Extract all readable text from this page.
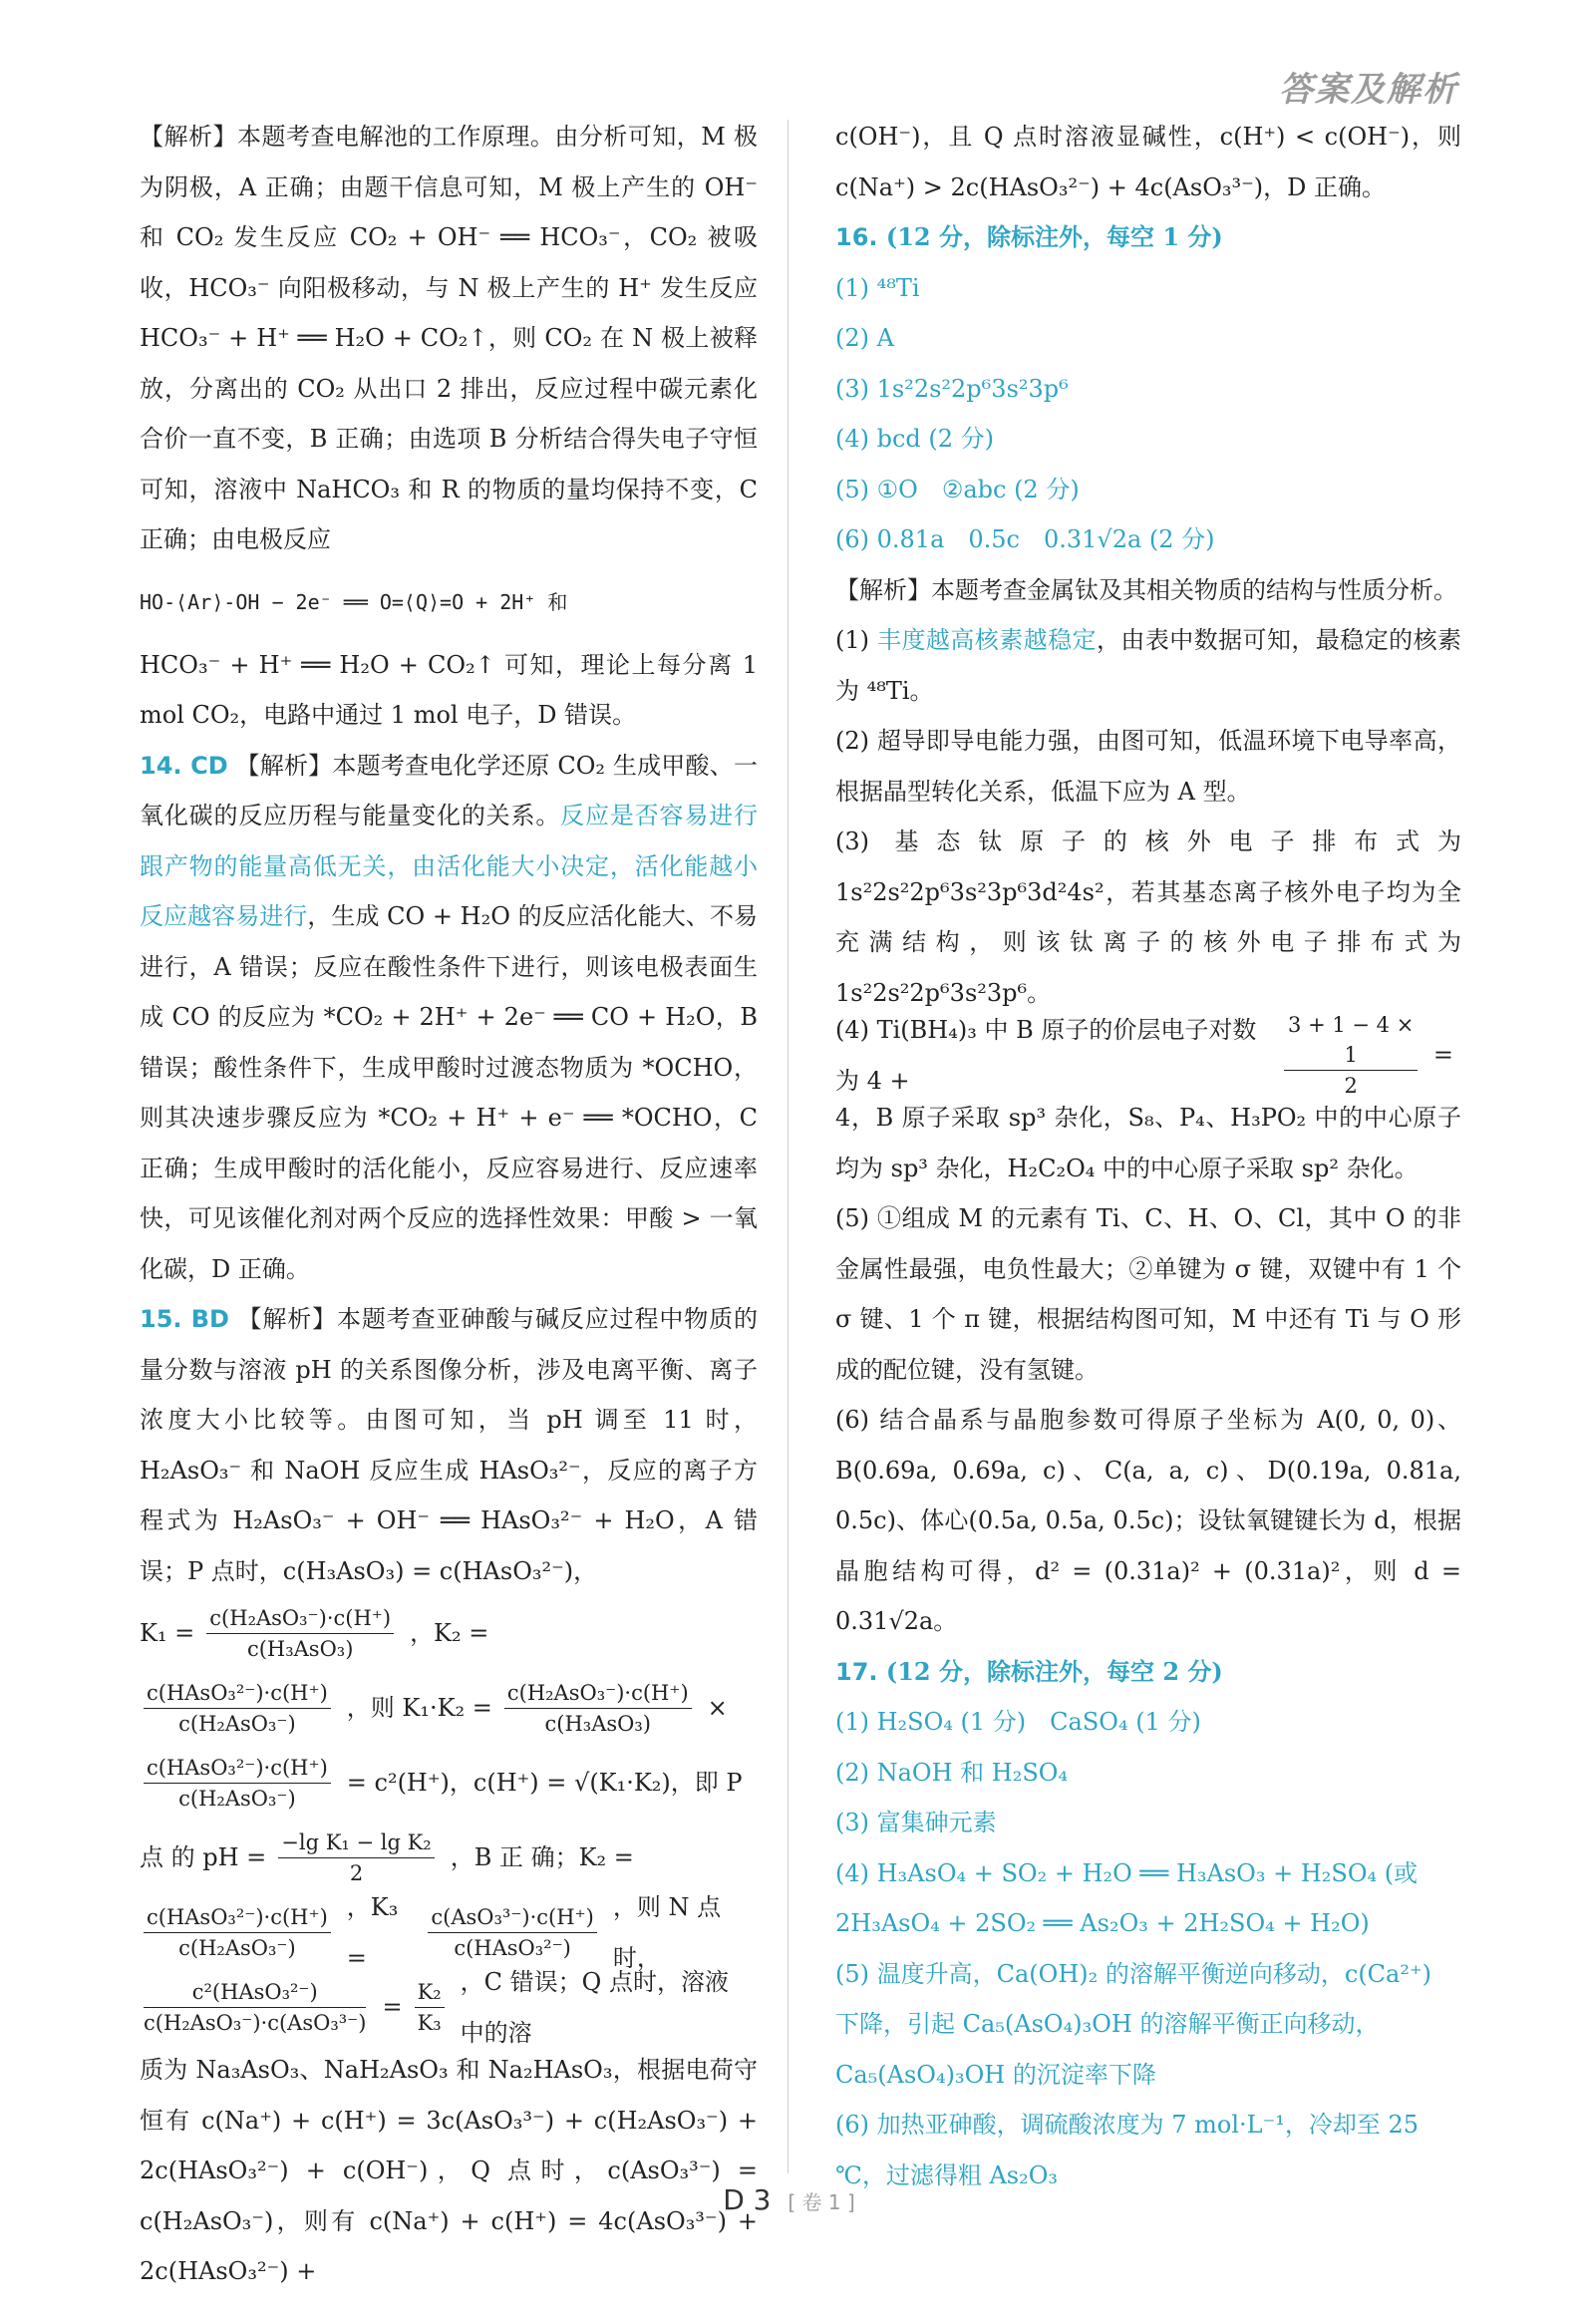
答案及解析

【解析】本题考查电解池的工作原理。由分析可知，M 极为阴极，A 正确；由题干信息可知，M 极上产生的 OH⁻ 和 CO₂ 发生反应 CO₂ + OH⁻ ══ HCO₃⁻，CO₂ 被吸收，HCO₃⁻ 向阳极移动，与 N 极上产生的 H⁺ 发生反应 HCO₃⁻ + H⁺ ══ H₂O + CO₂↑，则 CO₂ 在 N 极上被释放，分离出的 CO₂ 从出口 2 排出，反应过程中碳元素化合价一直不变，B 正确；由选项 B 分析结合得失电子守恒可知，溶液中 NaHCO₃ 和 R 的物质的量均保持不变，C 正确；由电极反应

HO-⟨Ar⟩-OH − 2e⁻ ══ O=⟨Q⟩=O + 2H⁺ 和

HCO₃⁻ + H⁺ ══ H₂O + CO₂↑ 可知，理论上每分离 1 mol CO₂，电路中通过 1 mol 电子，D 错误。

14. CD 【解析】本题考查电化学还原 CO₂ 生成甲酸、一氧化碳的反应历程与能量变化的关系。反应是否容易进行跟产物的能量高低无关，由活化能大小决定，活化能越小反应越容易进行，生成 CO + H₂O 的反应活化能大、不易进行，A 错误；反应在酸性条件下进行，则该电极表面生成 CO 的反应为 *CO₂ + 2H⁺ + 2e⁻ ══ CO + H₂O，B 错误；酸性条件下，生成甲酸时过渡态物质为 *OCHO，则其决速步骤反应为 *CO₂ + H⁺ + e⁻ ══ *OCHO，C 正确；生成甲酸时的活化能小，反应容易进行、反应速率快，可见该催化剂对两个反应的选择性效果：甲酸 > 一氧化碳，D 正确。

15. BD 【解析】本题考查亚砷酸与碱反应过程中物质的量分数与溶液 pH 的关系图像分析，涉及电离平衡、离子浓度大小比较等。由图可知，当 pH 调至 11 时，H₂AsO₃⁻ 和 NaOH 反应生成 HAsO₃²⁻，反应的离子方程式为 H₂AsO₃⁻ + OH⁻ ══ HAsO₃²⁻ + H₂O，A 错误；P 点时，c(H₃AsO₃) = c(HAsO₃²⁻)，

$K_1 = \frac{\text{c(H₂AsO₃⁻)·c(H⁺)}}{\text{c(H₃AsO₃)}}$ ，K₂ =
$\frac{\text{c(HAsO₃²⁻)·c(H⁺)}}{\text{c(H₂AsO₃⁻)}}$ ，则 $K_1\cdot K_2 = \frac{\text{c(H₂AsO₃⁻)·c(H⁺)}}{\text{c(H₃AsO₃)}}$ ×
$\frac{\text{c(HAsO₃²⁻)·c(H⁺)}}{\text{c(H₂AsO₃⁻)}} = c^2(H^+)$，c(H⁺) = √(K₁·K₂)，即 P
点 的 pH = $\frac{\text{−lg K₁ − lg K₂}}{2}$ ，B 正 确；K₂ =
$\frac{\text{c(HAsO₃²⁻)·c(H⁺)}}{\text{c(H₂AsO₃⁻)}}$ ，K₃ =	$\frac{\text{c(AsO₃³⁻)·c(H⁺)}}{\text{c(HAsO₃²⁻)}}$ ，则 N 点时，
$\frac{\text{c²(HAsO₃²⁻)}}{\text{c(H₂AsO₃⁻)·c(AsO₃³⁻)}} = \frac{\text{K₂}}{\text{K₃}}$ ，C 错误；Q 点时，溶液中的溶

质为 Na₃AsO₃、NaH₂AsO₃ 和 Na₂HAsO₃，根据电荷守恒有 c(Na⁺) + c(H⁺) = 3c(AsO₃³⁻) + c(H₂AsO₃⁻) + 2c(HAsO₃²⁻) + c(OH⁻)，Q 点时，c(AsO₃³⁻) = c(H₂AsO₃⁻)，则有 c(Na⁺) + c(H⁺) = 4c(AsO₃³⁻) + 2c(HAsO₃²⁻) +

c(OH⁻)，且 Q 点时溶液显碱性，c(H⁺) < c(OH⁻)，则 c(Na⁺) > 2c(HAsO₃²⁻) + 4c(AsO₃³⁻)，D 正确。

16. (12 分，除标注外，每空 1 分)

(1) ⁴⁸Ti

(2) A

(3) 1s²2s²2p⁶3s²3p⁶

(4) bcd (2 分)

(5) ①O　②abc (2 分)

(6) 0.81a　0.5c　0.31√2a (2 分)

【解析】本题考查金属钛及其相关物质的结构与性质分析。

(1) 丰度越高核素越稳定，由表中数据可知，最稳定的核素为 ⁴⁸Ti。

(2) 超导即导电能力强，由图可知，低温环境下电导率高，根据晶型转化关系，低温下应为 A 型。

(3) 基态钛原子的核外电子排布式为 1s²2s²2p⁶3s²3p⁶3d²4s²，若其基态离子核外电子均为全充满结构，则该钛离子的核外电子排布式为 1s²2s²2p⁶3s²3p⁶。

(4) Ti(BH₄)₃ 中 B 原子的价层电子对数为 4 +	$\frac{3 + 1 - 4 \times 1}{2}$ =

4，B 原子采取 sp³ 杂化，S₈、P₄、H₃PO₂ 中的中心原子均为 sp³ 杂化，H₂C₂O₄ 中的中心原子采取 sp² 杂化。

(5) ①组成 M 的元素有 Ti、C、H、O、Cl，其中 O 的非金属性最强，电负性最大；②单键为 σ 键，双键中有 1 个 σ 键、1 个 π 键，根据结构图可知，M 中还有 Ti 与 O 形成的配位键，没有氢键。

(6) 结合晶系与晶胞参数可得原子坐标为 A(0, 0, 0)、B(0.69a, 0.69a, c)、C(a, a, c)、D(0.19a, 0.81a, 0.5c)、体心(0.5a, 0.5a, 0.5c)；设钛氧键键长为 d，根据晶胞结构可得，d² = (0.31a)² + (0.31a)²，则 d = 0.31√2a。

17. (12 分，除标注外，每空 2 分)

(1) H₂SO₄ (1 分)　CaSO₄ (1 分)

(2) NaOH 和 H₂SO₄

(3) 富集砷元素

(4) H₃AsO₄ + SO₂ + H₂O ══ H₃AsO₃ + H₂SO₄ (或 2H₃AsO₄ + 2SO₂ ══ As₂O₃ + 2H₂SO₄ + H₂O)

(5) 温度升高，Ca(OH)₂ 的溶解平衡逆向移动，c(Ca²⁺) 下降，引起 Ca₅(AsO₄)₃OH 的溶解平衡正向移动，Ca₅(AsO₄)₃OH 的沉淀率下降

(6) 加热亚砷酸，调硫酸浓度为 7 mol·L⁻¹，冷却至 25 ℃，过滤得粗 As₂O₃

D 3 [ 卷 1 ]
